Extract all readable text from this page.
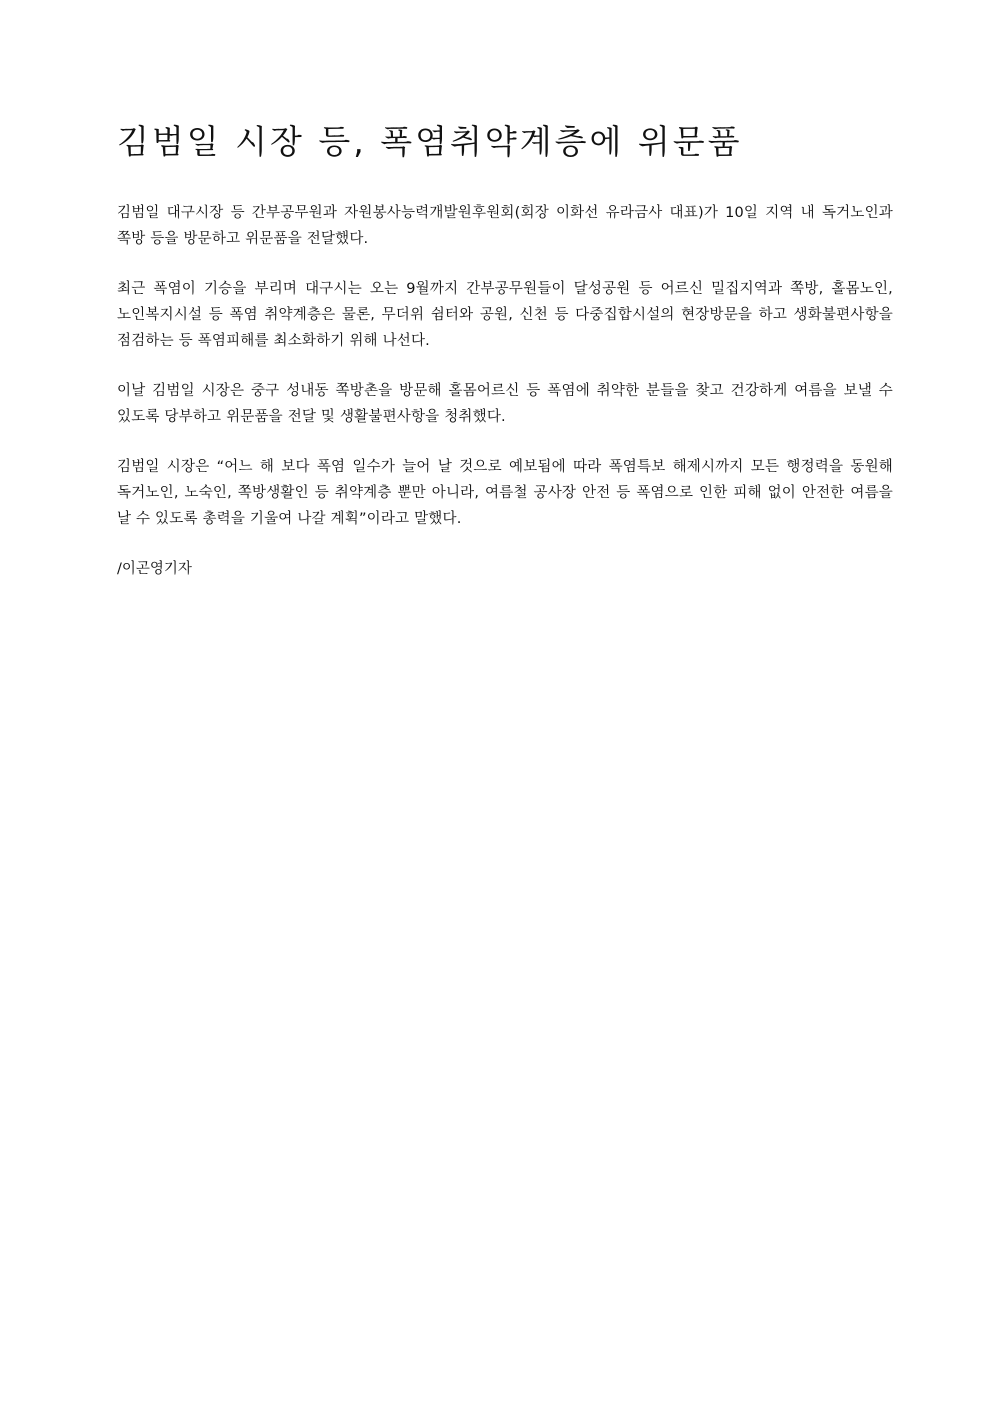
김범일 시장 등, 폭염취약계층에 위문품

김범일 대구시장 등 간부공무원과 자원봉사능력개발원후원회(회장 이화선 유라금사 대표)가 10일 지역 내 독거노인과 쪽방 등을 방문하고 위문품을 전달했다.

최근 폭염이 기승을 부리며 대구시는 오는 9월까지 간부공무원들이 달성공원 등 어르신 밀집지역과 쪽방, 홀몸노인, 노인복지시설 등 폭염 취약계층은 물론, 무더위 쉼터와 공원, 신천 등 다중집합시설의 현장방문을 하고 생화불편사항을 점검하는 등 폭염피해를 최소화하기 위해 나선다.

이날 김범일 시장은 중구 성내동 쪽방촌을 방문해 홀몸어르신 등 폭염에 취약한 분들을 찾고 건강하게 여름을 보낼 수 있도록 당부하고 위문품을 전달 및 생활불편사항을 청취했다.

김범일 시장은 “어느 해 보다 폭염 일수가 늘어 날 것으로 예보됨에 따라 폭염특보 해제시까지 모든 행정력을 동원해 독거노인, 노숙인, 쪽방생활인 등 취약계층 뿐만 아니라, 여름철 공사장 안전 등 폭염으로 인한 피해 없이 안전한 여름을 날 수 있도록 총력을 기울여 나갈 계획”이라고 말했다.

/이곤영기자
